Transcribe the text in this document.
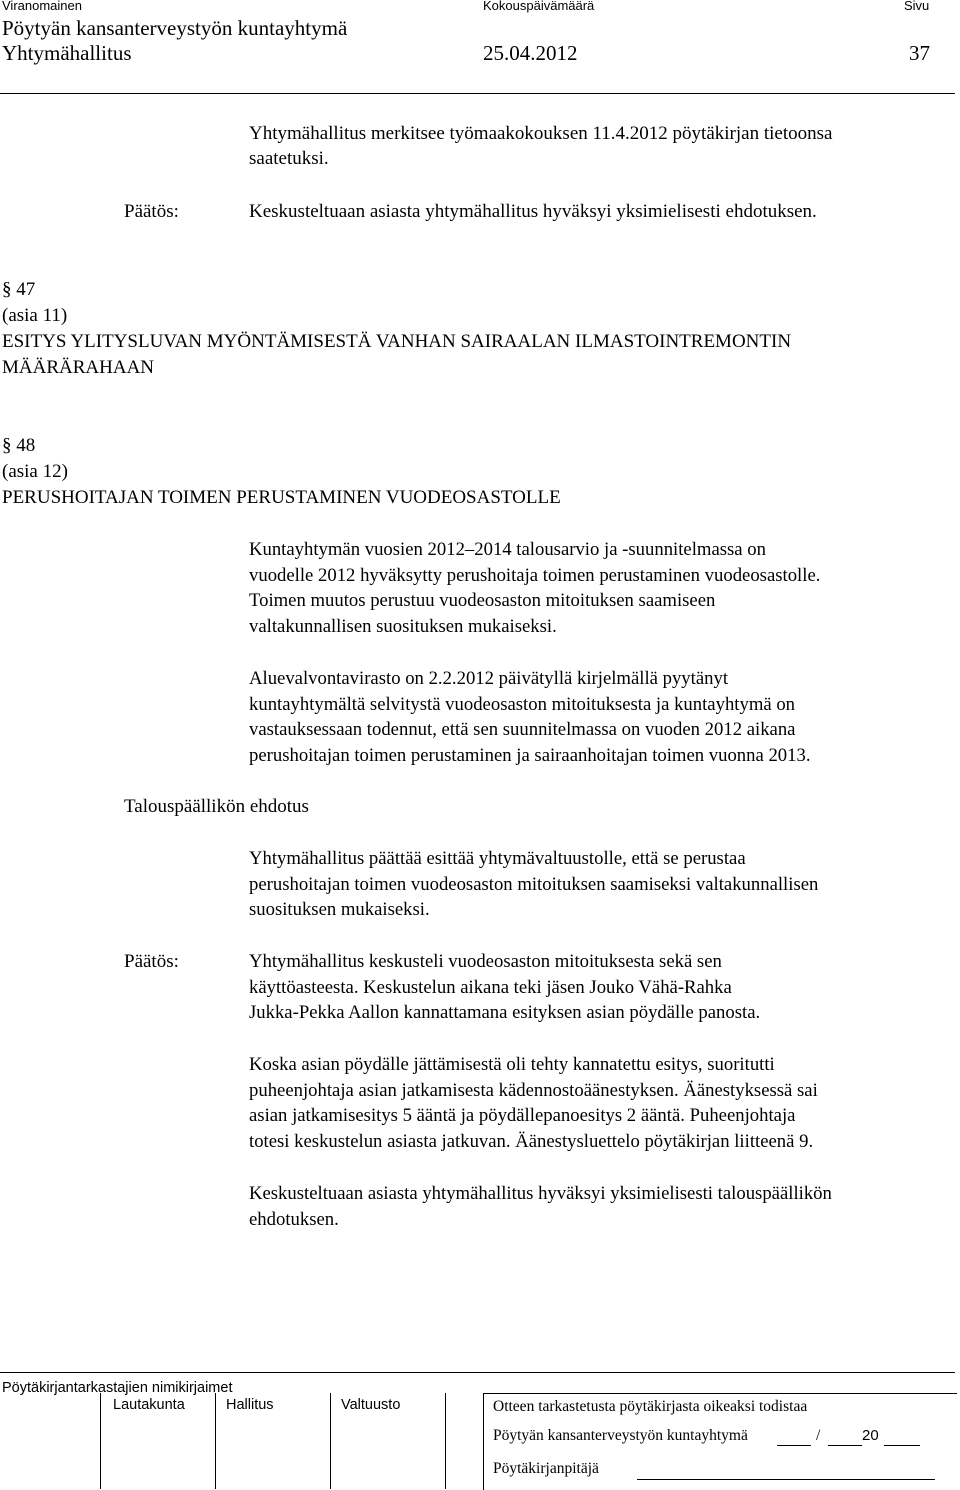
Viranomainen	Kokouspäivämäärä	Sivu
Pöytyän kansanterveystyön kuntayhtymä
Yhtymähallitus	25.04.2012	37
Yhtymähallitus merkitsee työmaakokouksen 11.4.2012 pöytäkirjan tietoonsa
saatetuksi.
Päätös:	Keskusteltuaan asiasta yhtymähallitus hyväksyi yksimielisesti ehdotuksen.
§ 47
(asia 11)
ESITYS YLITYSLUVAN MYÖNTÄMISESTÄ VANHAN SAIRAALAN ILMASTOINTREMONTIN
MÄÄRÄRAHAAN
§ 48
(asia 12)
PERUSHOITAJAN TOIMEN PERUSTAMINEN VUODEOSASTOLLE
Kuntayhtymän vuosien 2012–2014 talousarvio ja -suunnitelmassa on
vuodelle 2012 hyväksytty perushoitaja toimen perustaminen vuodeosastolle.
Toimen muutos perustuu vuodeosaston mitoituksen saamiseen
valtakunnallisen suosituksen mukaiseksi.
Aluevalvontavirasto on 2.2.2012 päivätyllä kirjelmällä pyytänyt
kuntayhtymältä selvitystä vuodeosaston mitoituksesta ja kuntayhtymä on
vastauksessaan todennut, että sen suunnitelmassa on vuoden 2012 aikana
perushoitajan toimen perustaminen ja sairaanhoitajan toimen vuonna 2013.
Talouspäällikön ehdotus
Yhtymähallitus päättää esittää yhtymävaltuustolle, että se perustaa
perushoitajan toimen vuodeosaston mitoituksen saamiseksi valtakunnallisen
suosituksen mukaiseksi.
Päätös:	Yhtymähallitus keskusteli vuodeosaston mitoituksesta sekä sen
käyttöasteesta. Keskustelun aikana teki jäsen Jouko Vähä-Rahka
Jukka-Pekka Aallon kannattamana esityksen asian pöydälle panosta.
Koska asian pöydälle jättämisestä oli tehty kannatettu esitys, suoritutti
puheenjohtaja asian jatkamisesta kädennostoäänestyksen. Äänestyksessä sai
asian jatkamisesitys 5 ääntä ja pöydällepanoesitys 2 ääntä. Puheenjohtaja
totesi keskustelun asiasta jatkuvan. Äänestysluettelo pöytäkirjan liitteenä 9.
Keskusteltuaan asiasta yhtymähallitus hyväksyi yksimielisesti talouspäällikön
ehdotuksen.
Pöytäkirjantarkastajien nimikirjaimet
Lautakunta	Hallitus	Valtuusto	Otteen tarkastetusta pöytäkirjasta oikeaksi todistaa
Pöytyän kansanterveystyön kuntayhtymä	/	20
Pöytäkirjanpitäjä
